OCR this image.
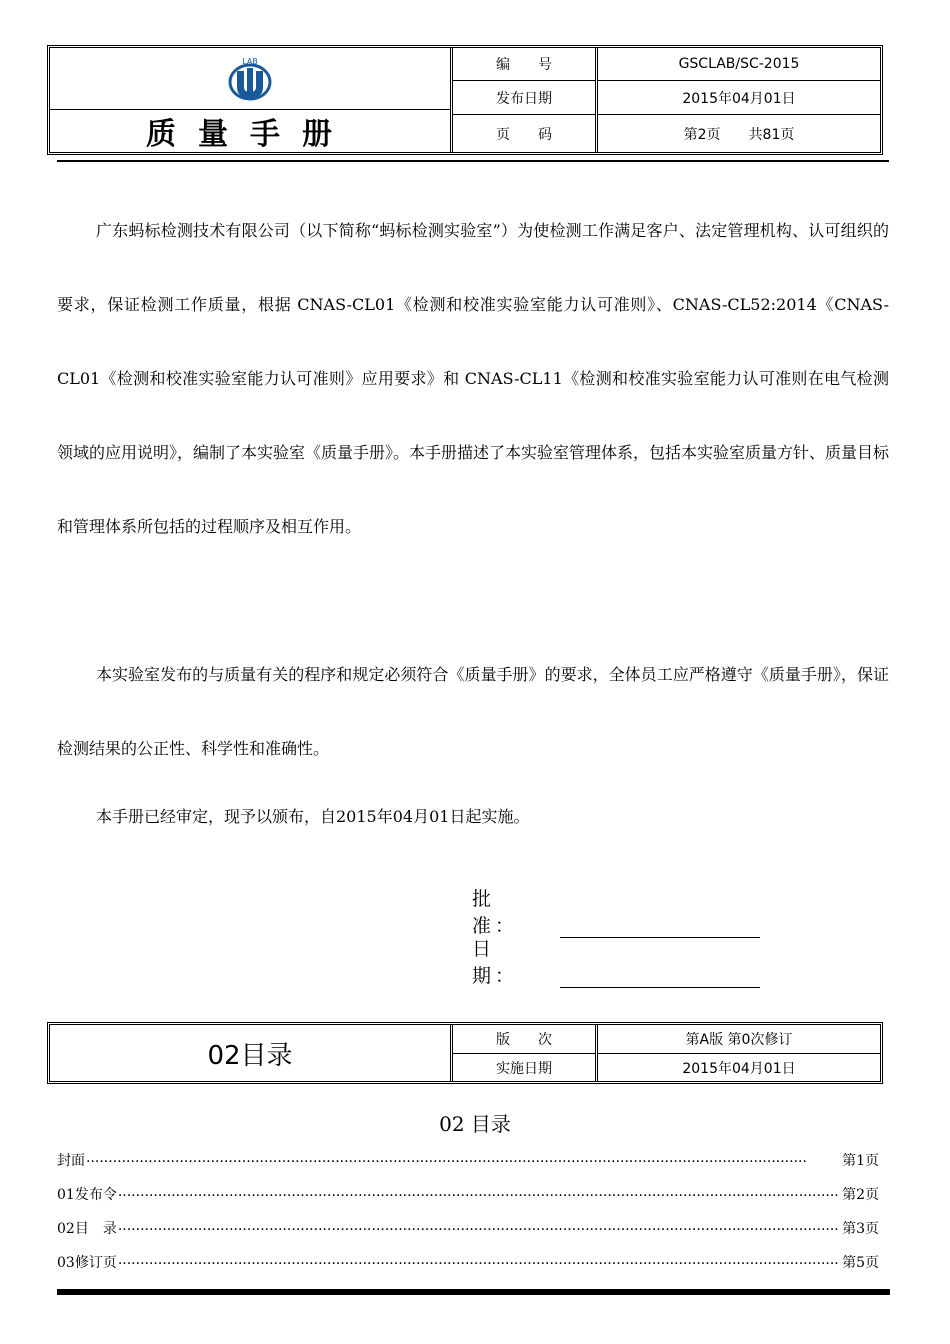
LAB
质量手册
编　　号
发布日期
页　　码
GSCLAB/SC-2015
2015年04月01日
第2页　　共81页

广东蚂标检测技术有限公司（以下简称“蚂标检测实验室”）为使检测工作满足客户、法定管理机构、认可组织的要求，保证检测工作质量，根据 CNAS-CL01《检测和校准实验室能力认可准则》、CNAS-CL52:2014《CNAS-CL01《检测和校准实验室能力认可准则》应用要求》和 CNAS-CL11《检测和校准实验室能力认可准则在电气检测领域的应用说明》，编制了本实验室《质量手册》。本手册描述了本实验室管理体系，包括本实验室质量方针、质量目标和管理体系所包括的过程顺序及相互作用。

本实验室发布的与质量有关的程序和规定必须符合《质量手册》的要求，全体员工应严格遵守《质量手册》，保证检测结果的公正性、科学性和准确性。

本手册已经审定，现予以颁布，自2015年04月01日起实施。

批　准：
日　期：
02目录
版　　次
实施日期
第A版 第0次修订
2015年04月01日
02 目录
封面 ··································································································································································	第1页
01发布令 ·································································································································································· 第2页
02目　录 ·································································································································································· 第3页
03修订页 ·································································································································································· 第5页
